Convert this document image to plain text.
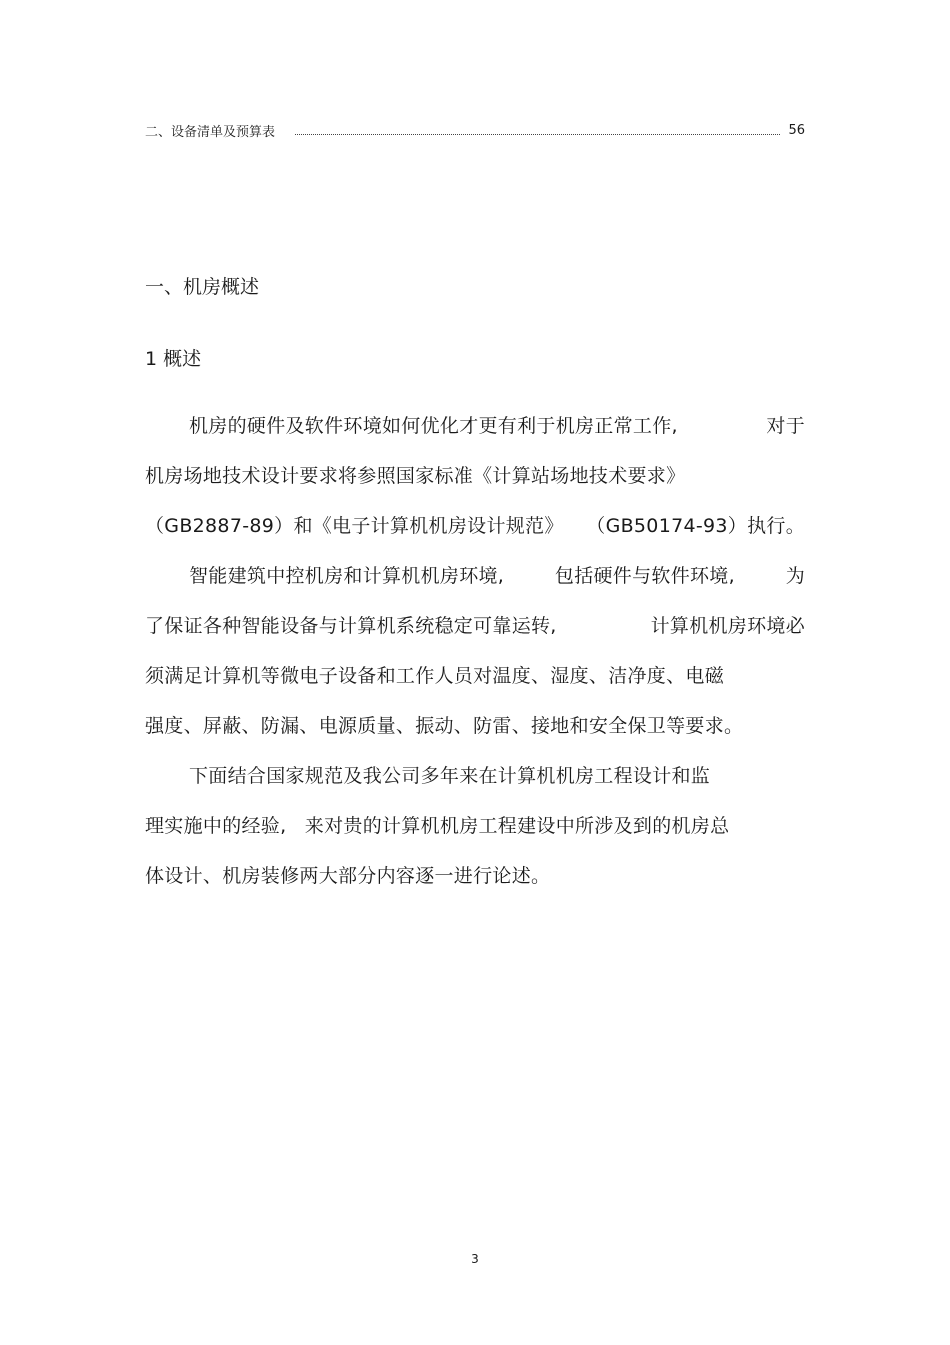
二、设备清单及预算表	56
一、机房概述
1 概述
机房的硬件及软件环境如何优化才更有利于机房正常工作,	对于
机房场地技术设计要求将参照国家标准《计算站场地技术要求》
（GB2887-89）和《电子计算机机房设计规范》 （GB50174-93）执行。
智能建筑中控机房和计算机机房环境,	包括硬件与软件环境,	为
了保证各种智能设备与计算机系统稳定可靠运转,	计算机机房环境必
须满足计算机等微电子设备和工作人员对温度、湿度、洁净度、电磁
强度、屏蔽、防漏、电源质量、振动、防雷、接地和安全保卫等要求。
下面结合国家规范及我公司多年来在计算机机房工程设计和监
理实施中的经验, 来对贵的计算机机房工程建设中所涉及到的机房总
体设计、机房装修两大部分内容逐一进行论述。
3
